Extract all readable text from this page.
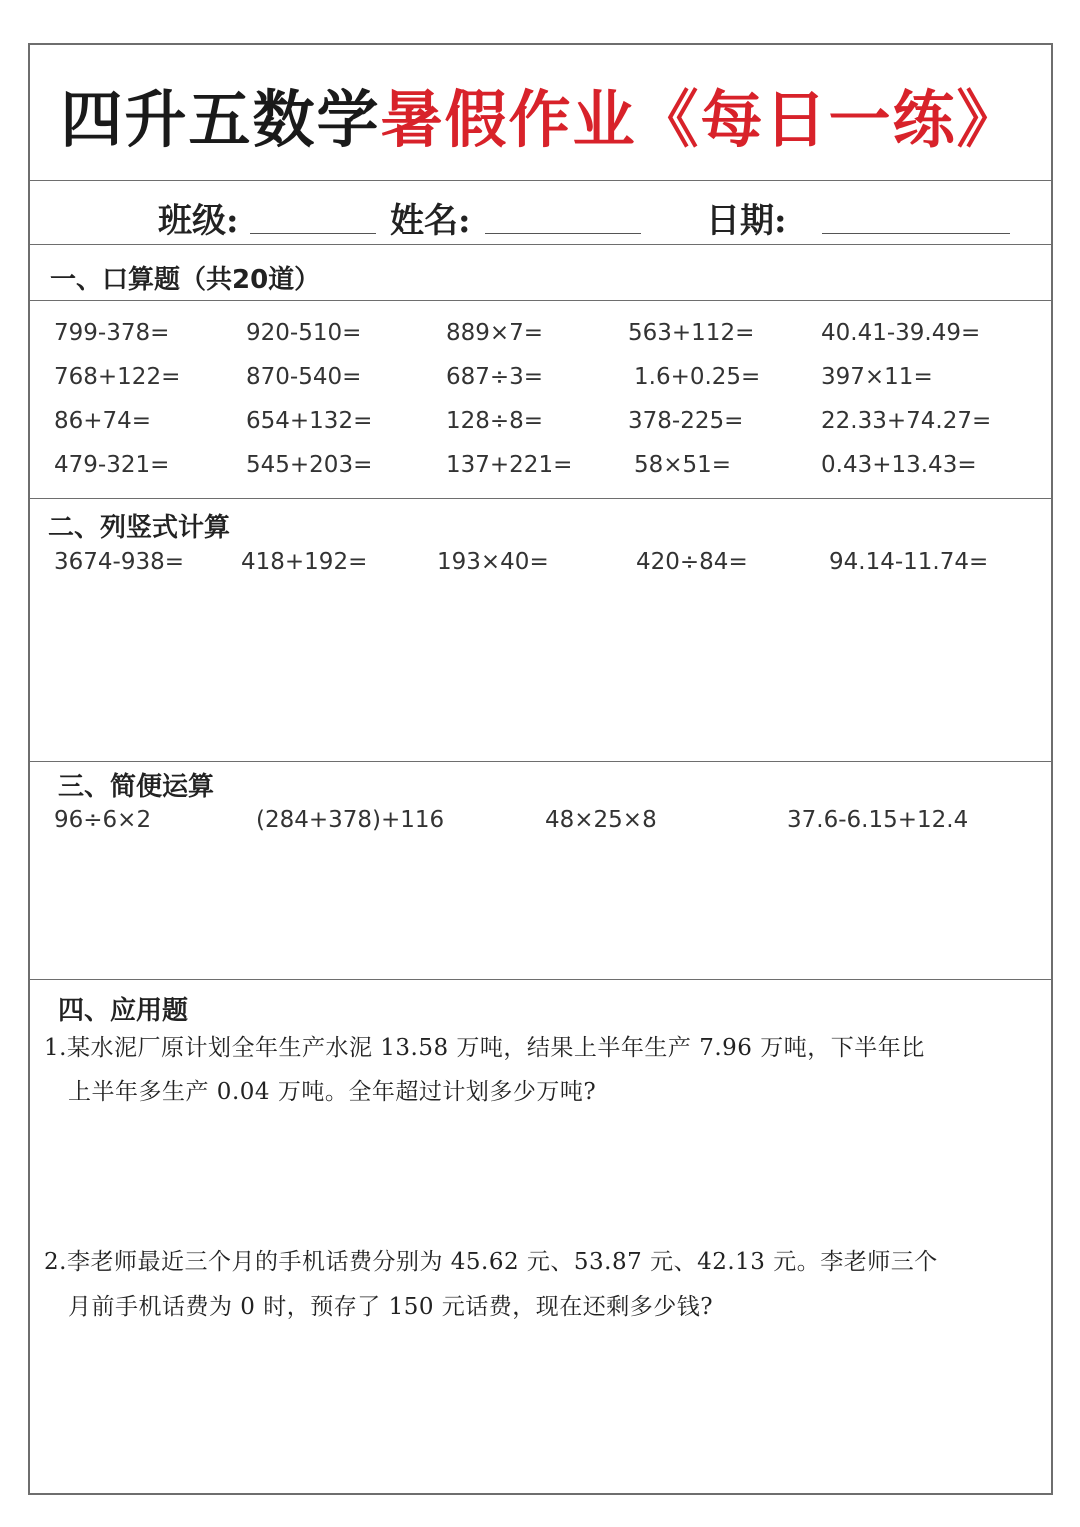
四升五数学暑假作业《每日一练》
班级:	姓名:	日期:
一、口算题（共20道）
799-378=	920-510=	889×7=	563+112=	40.41-39.49=
768+122=	870-540=	687÷3=	1.6+0.25=	397×11=
86+74=	654+132=	128÷8=	378-225=	22.33+74.27=
479-321=	545+203=	137+221=	58×51=	0.43+13.43=
二、列竖式计算
3674-938= 418+192=	193×40=	420÷84=	94.14-11.74=
三、简便运算
96÷6×2	(284+378)+116	48×25×8	37.6-6.15+12.4
四、应用题
1.某水泥厂原计划全年生产水泥 13.58 万吨，结果上半年生产 7.96 万吨，下半年比
上半年多生产 0.04 万吨。全年超过计划多少万吨?
2.李老师最近三个月的手机话费分别为 45.62 元、53.87 元、42.13 元。李老师三个
月前手机话费为 0 时，预存了 150 元话费，现在还剩多少钱?
